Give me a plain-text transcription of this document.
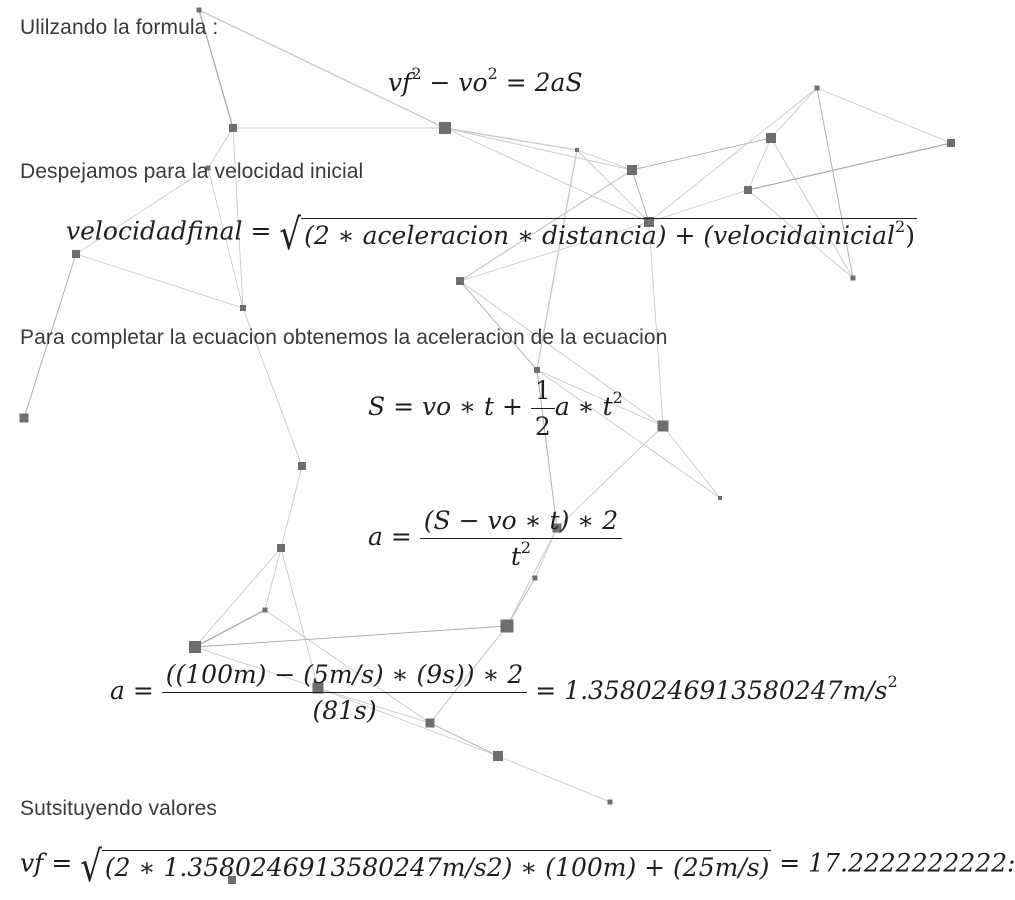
Ulilzando la formula :
$vf^2 - vo^2 = 2aS$
Despejamos para la velocidad inicial
velocidadfinal = √ (2 ∗ aceleracion ∗ distancia) + (velocidainicial$^2$)
Para completar la ecuacion obtenemos la aceleracion de la ecuacion
S = vo ∗ $t + \frac{1}{2}$ a ∗ $t^2$
$a = \frac{(S - vo ∗ t) ∗ 2}{t^2}$
$a = \frac{((100m) - (5m/s) ∗ (9s)) ∗ 2}{(81s)} = 1.3580246913580247m/s^2$
Sutsituyendo valores
vf = √ (2 ∗ 1.3580246913580247m/s2) ∗ (100m) + (25m/s) = 17.2222222222:
